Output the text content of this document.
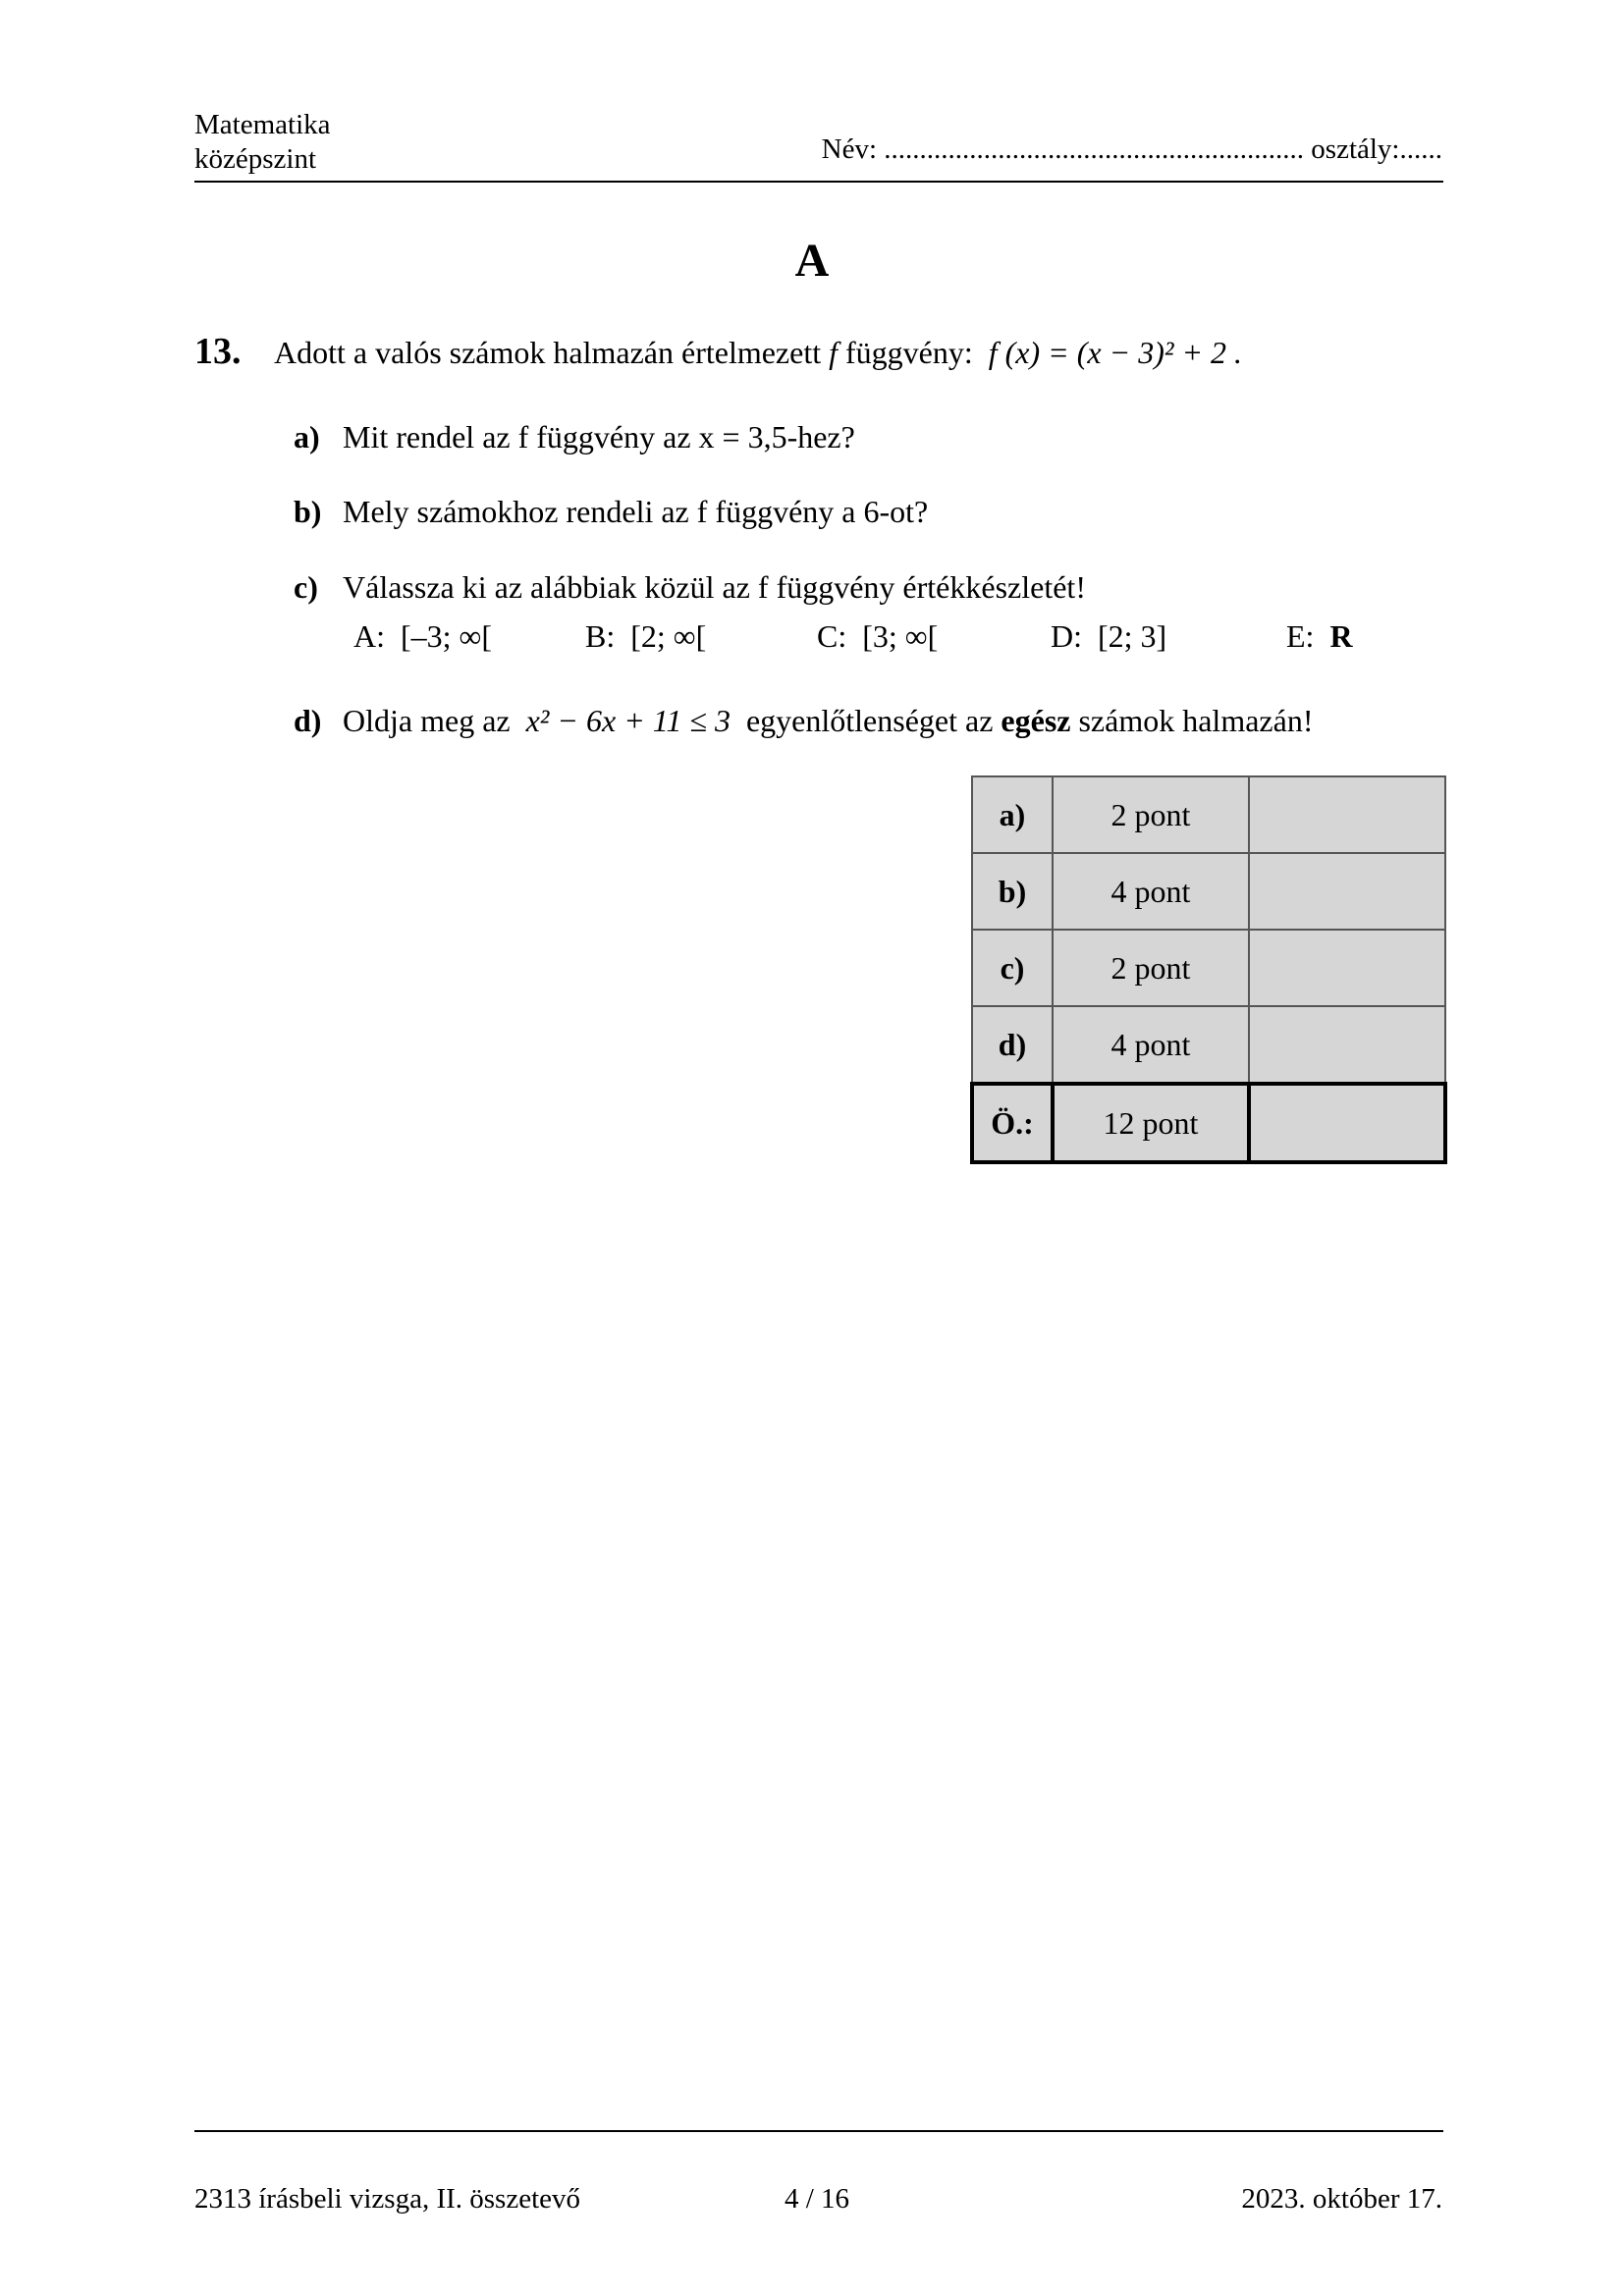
Matematika
középszint	Név: ........................................................... osztály:......
A
13. Adott a valós számok halmazán értelmezett f függvény: f (x) = (x − 3)² + 2 .
a) Mit rendel az f függvény az x = 3,5-hez?
b) Mely számokhoz rendeli az f függvény a 6-ot?
c) Válassza ki az alábbiak közül az f függvény értékkészletét!
A: [–3; ∞[	B: [2; ∞[	C: [3; ∞[	D: [2; 3]	E: R
d) Oldja meg az x² − 6x + 11 ≤ 3 egyenlőtlenséget az egész számok halmazán!
a)	2 pont	
b)	4 pont	
c)	2 pont	
d)	4 pont	
Ö.:	12 pont	
2313 írásbeli vizsga, II. összetevő	4 / 16	2023. október 17.
